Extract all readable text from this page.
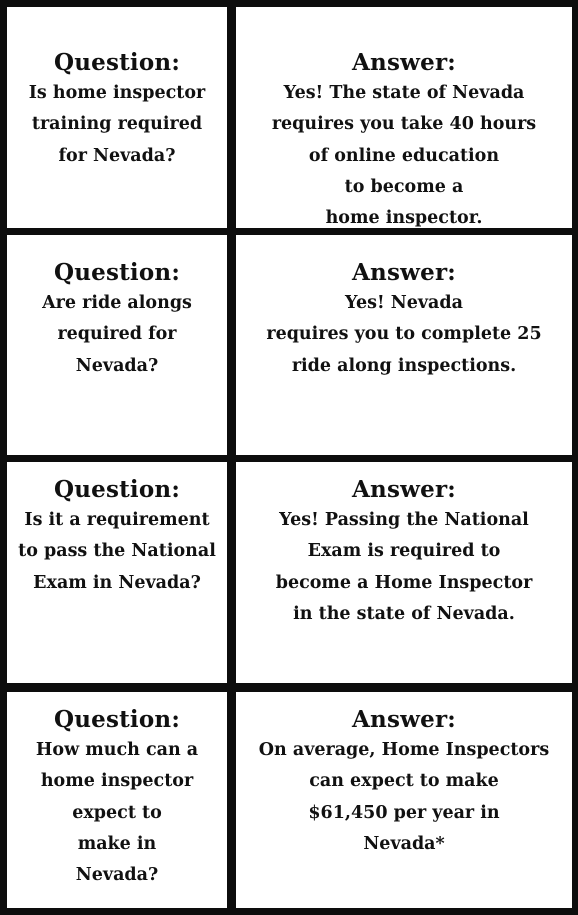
Question:
Is home inspector
training required
for Nevada?
Answer:
Yes! The state of Nevada
requires you take 40 hours
of online education
to become a
home inspector.
Question:
Are ride alongs
required for
Nevada?
Answer:
Yes! Nevada
requires you to complete 25
ride along inspections.
Question:
Is it a requirement
to pass the National
Exam in Nevada?
Answer:
Yes! Passing the National
Exam is required to
become a Home Inspector
in the state of Nevada.
Question:
How much can a
home inspector
expect to
make in
Nevada?
Answer:
On average, Home Inspectors
can expect to make
$61,450 per year in
Nevada*
